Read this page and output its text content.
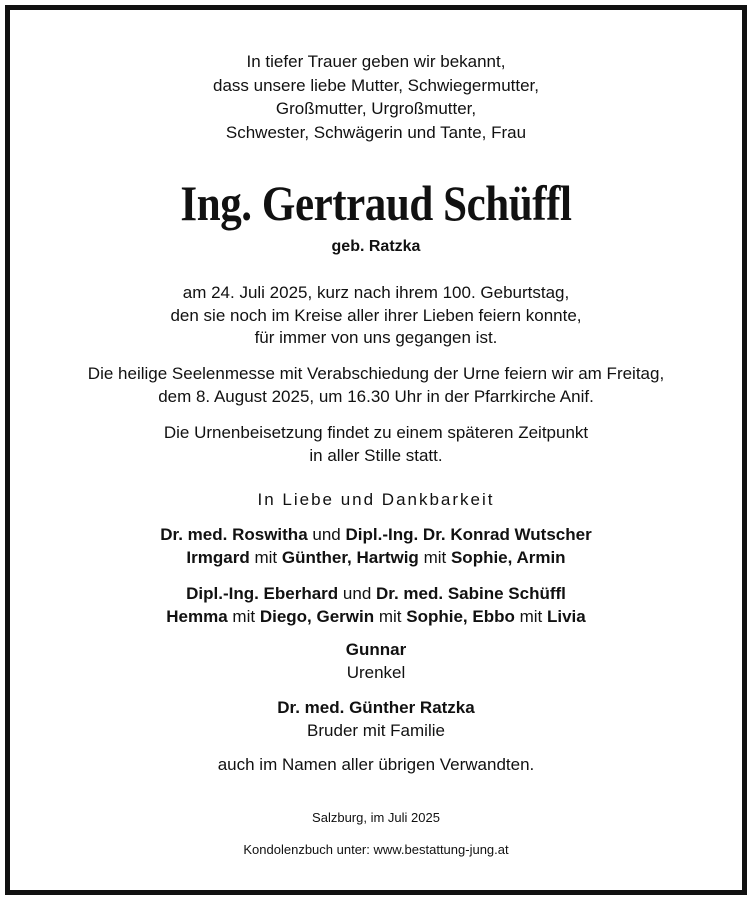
In tiefer Trauer geben wir bekannt,
dass unsere liebe Mutter, Schwiegermutter,
Großmutter, Urgroßmutter,
Schwester, Schwägerin und Tante, Frau
Ing. Gertraud Schüffl
geb. Ratzka
am 24. Juli 2025, kurz nach ihrem 100. Geburtstag,
den sie noch im Kreise aller ihrer Lieben feiern konnte,
für immer von uns gegangen ist.
Die heilige Seelenmesse mit Verabschiedung der Urne feiern wir am Freitag,
dem 8. August 2025, um 16.30 Uhr in der Pfarrkirche Anif.
Die Urnenbeisetzung findet zu einem späteren Zeitpunkt
in aller Stille statt.
In Liebe und Dankbarkeit
Dr. med. Roswitha und Dipl.-Ing. Dr. Konrad Wutscher
Irmgard mit Günther, Hartwig mit Sophie, Armin
Dipl.-Ing. Eberhard und Dr. med. Sabine Schüffl
Hemma mit Diego, Gerwin mit Sophie, Ebbo mit Livia
Gunnar
Urenkel
Dr. med. Günther Ratzka
Bruder mit Familie
auch im Namen aller übrigen Verwandten.
Salzburg, im Juli 2025
Kondolenzbuch unter: www.bestattung-jung.at
